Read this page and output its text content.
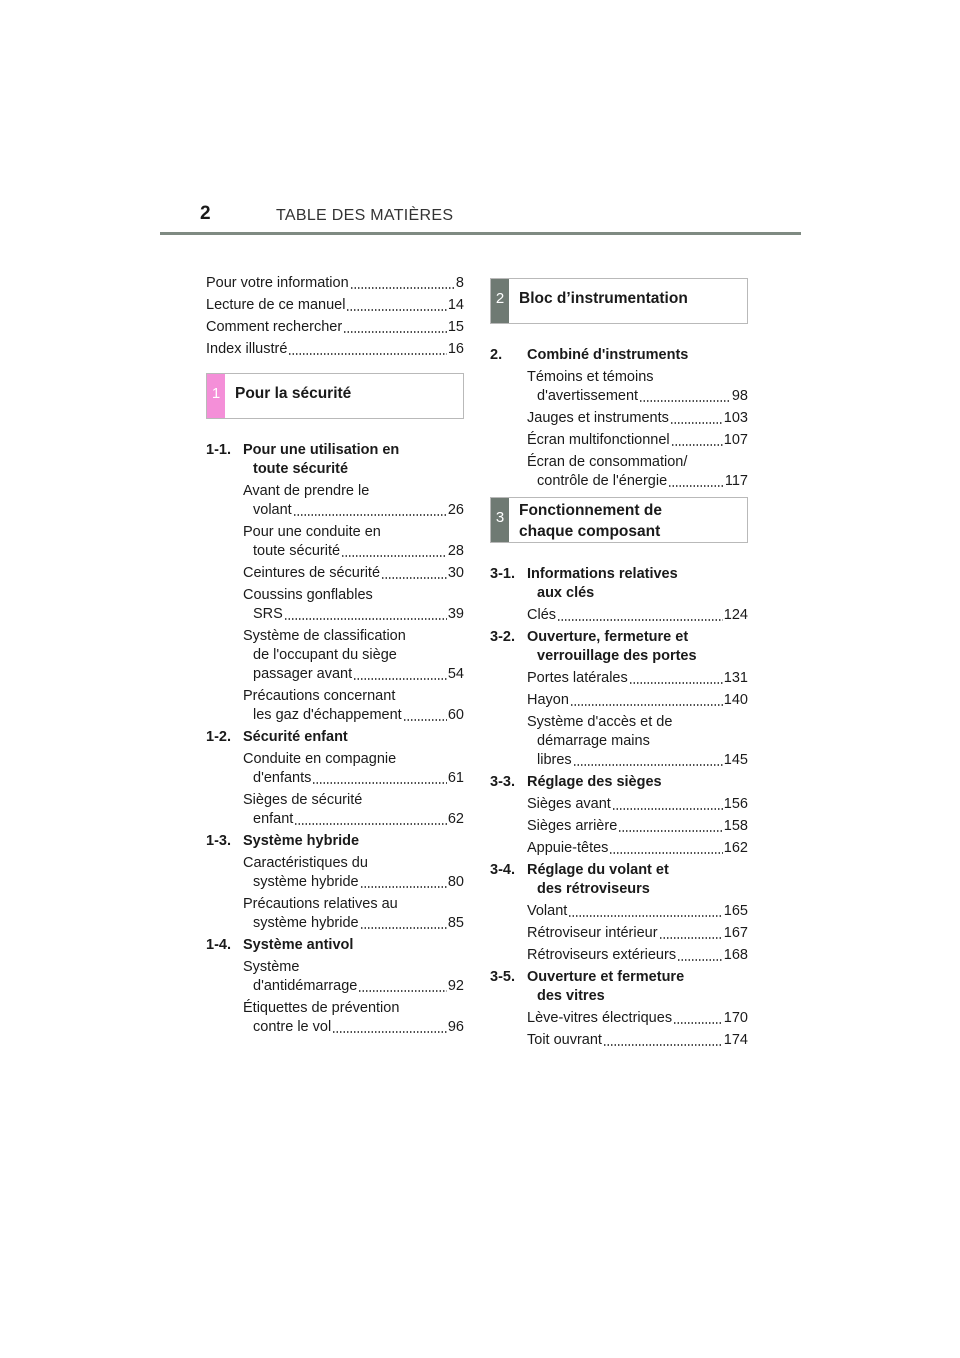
2	TABLE DES MATIÈRES
Pour votre information	8
Lecture de ce manuel	14
Comment rechercher	15
Index illustré	16
1 Pour la sécurité
1-1. Pour une utilisation en
toute sécurité
Avant de prendre le
volant	26
Pour une conduite en
toute sécurité	28
Ceintures de sécurité	30
Coussins gonflables
SRS	39
Système de classification
de l'occupant du siège
passager avant	54
Précautions concernant
les gaz d'échappement	60
1-2. Sécurité enfant
Conduite en compagnie
d'enfants	61
Sièges de sécurité
enfant	62
1-3. Système hybride
Caractéristiques du
système hybride	80
Précautions relatives au
système hybride	85
1-4. Système antivol
Système
d'antidémarrage	92
Étiquettes de prévention
contre le vol	96
2 Bloc d’instrumentation
2.	Combiné d'instruments
Témoins et témoins
d'avertissement	98
Jauges et instruments	103
Écran multifonctionnel	107
Écran de consommation/
contrôle de l'énergie	117
3 Fonctionnement de
chaque composant
3-1. Informations relatives
aux clés
Clés	124
3-2. Ouverture, fermeture et
verrouillage des portes
Portes latérales	131
Hayon	140
Système d'accès et de
démarrage mains
libres	145
3-3. Réglage des sièges
Sièges avant	156
Sièges arrière	158
Appuie-têtes	162
3-4. Réglage du volant et
des rétroviseurs
Volant	165
Rétroviseur intérieur	167
Rétroviseurs extérieurs	168
3-5. Ouverture et fermeture
des vitres
Lève-vitres électriques	170
Toit ouvrant	174
